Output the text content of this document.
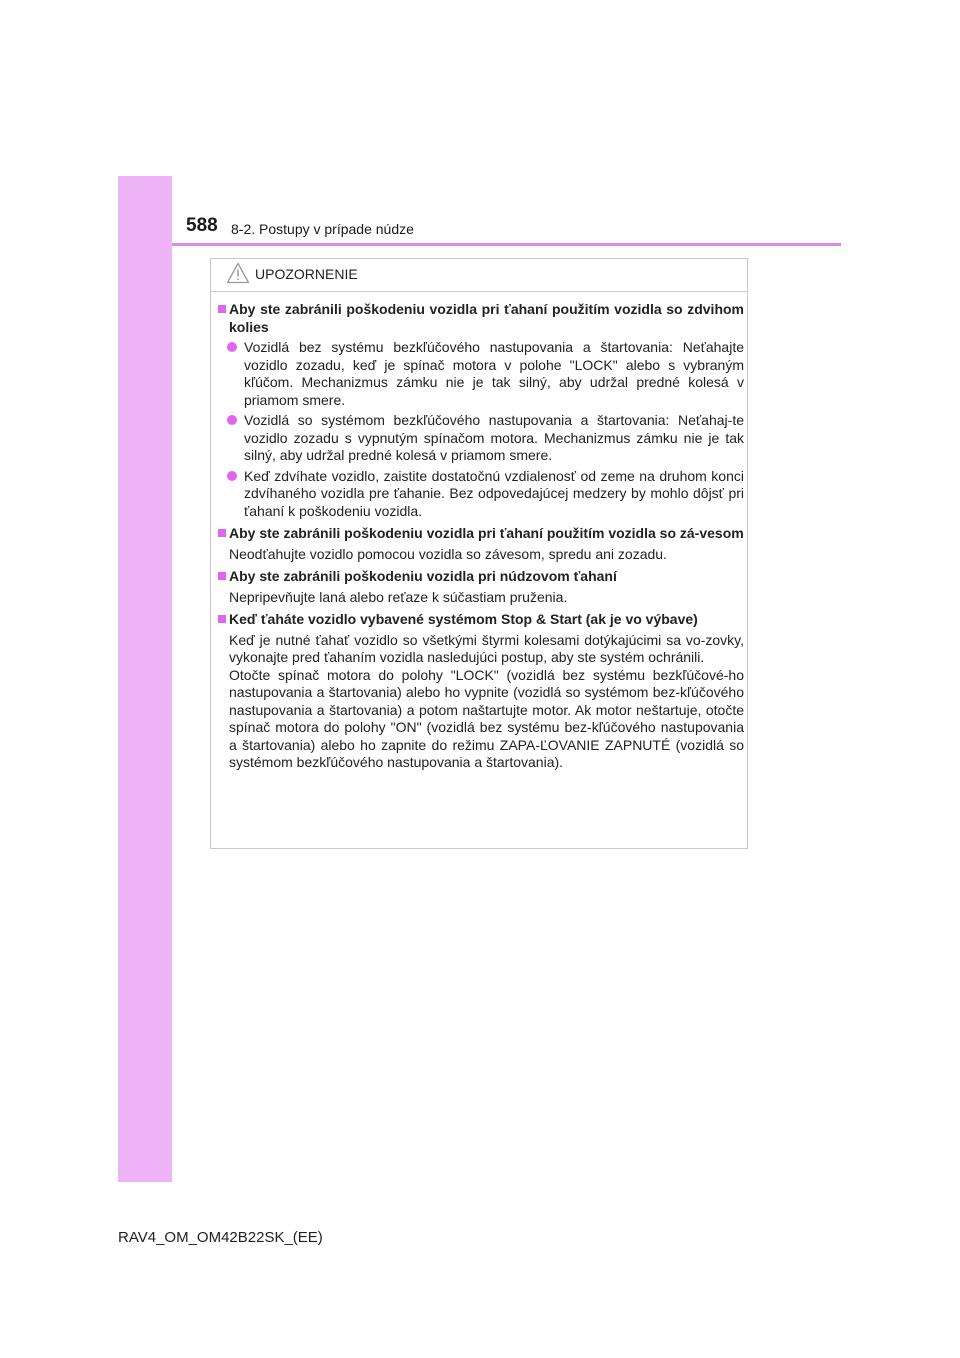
588 8-2. Postupy v prípade núdze
UPOZORNENIE

Aby ste zabránili poškodeniu vozidla pri ťahaní použitím vozidla so zdvihom kolies

Vozidlá bez systému bezkľúčového nastupovania a štartovania: Neťahajte vozidlo zozadu, keď je spínač motora v polohe "LOCK" alebo s vybraným kľúčom. Mechanizmus zámku nie je tak silný, aby udržal predné kolesá v priamom smere.

Vozidlá so systémom bezkľúčového nastupovania a štartovania: Neťahaj-te vozidlo zozadu s vypnutým spínačom motora. Mechanizmus zámku nie je tak silný, aby udržal predné kolesá v priamom smere.

Keď zdvíhate vozidlo, zaistite dostatočnú vzdialenosť od zeme na druhom konci zdvíhaného vozidla pre ťahanie. Bez odpovedajúcej medzery by mohlo dôjsť pri ťahaní k poškodeniu vozidla.

Aby ste zabránili poškodeniu vozidla pri ťahaní použitím vozidla so zá-vesom

Neodťahujte vozidlo pomocou vozidla so závesom, spredu ani zozadu.

Aby ste zabránili poškodeniu vozidla pri núdzovom ťahaní

Nepripevňujte laná alebo reťaze k súčastiam pruženia.

Keď ťaháte vozidlo vybavené systémom Stop & Start (ak je vo výbave)

Keď je nutné ťahať vozidlo so všetkými štyrmi kolesami dotýkajúcimi sa vo-zovky, vykonajte pred ťahaním vozidla nasledujúci postup, aby ste systém ochránili.

Otočte spínač motora do polohy "LOCK" (vozidlá bez systému bezkľúčové-ho nastupovania a štartovania) alebo ho vypnite (vozidlá so systémom bez-kľúčového nastupovania a štartovania) a potom naštartujte motor. Ak motor neštartuje, otočte spínač motora do polohy "ON" (vozidlá bez systému bez-kľúčového nastupovania a štartovania) alebo ho zapnite do režimu ZAPA-ĽOVANIE ZAPNUTÉ (vozidlá so systémom bezkľúčového nastupovania a štartovania).

RAV4_OM_OM42B22SK_(EE)
